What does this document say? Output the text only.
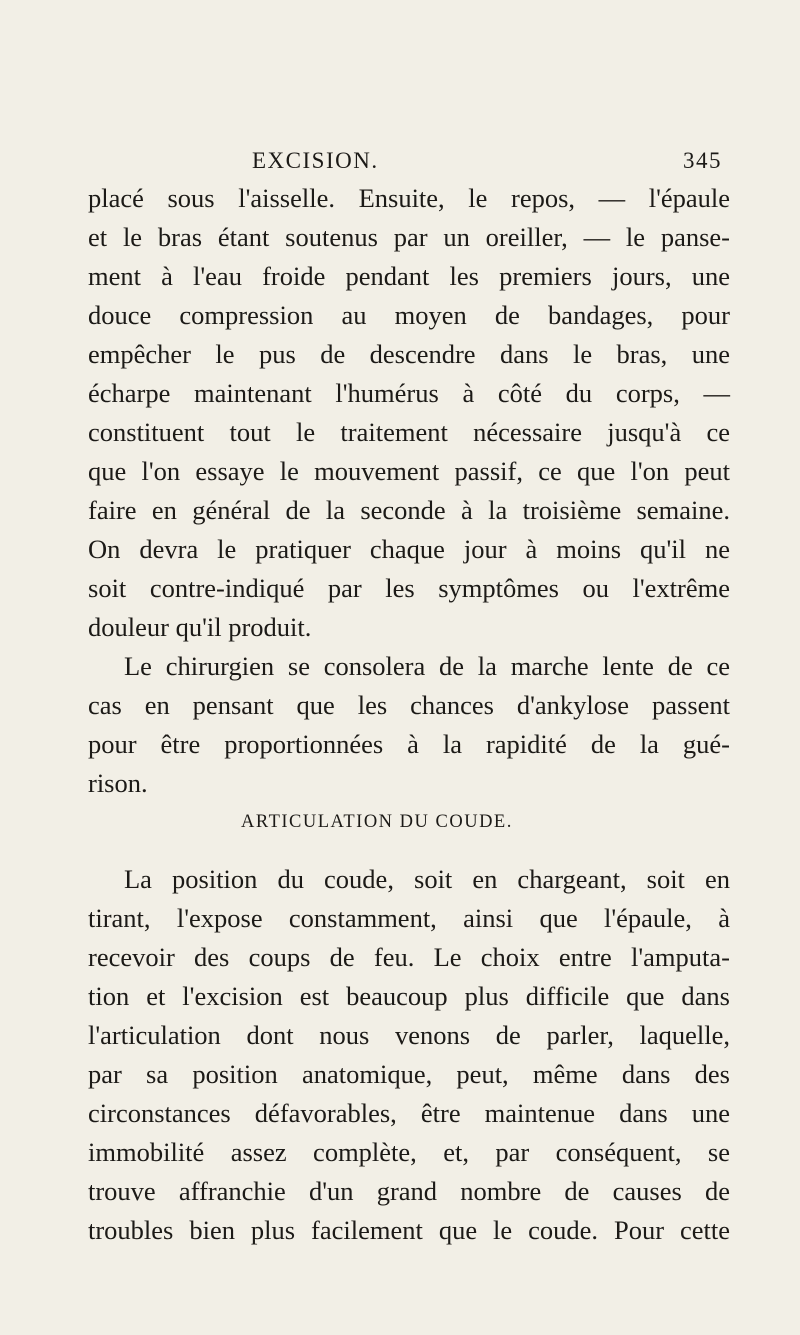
EXCISION.	345
placé sous l'aisselle. Ensuite, le repos, — l'épaule
et le bras étant soutenus par un oreiller, — le panse-
ment à l'eau froide pendant les premiers jours, une
douce compression au moyen de bandages, pour
empêcher le pus de descendre dans le bras, une
écharpe maintenant l'humérus à côté du corps, —
constituent tout le traitement nécessaire jusqu'à ce
que l'on essaye le mouvement passif, ce que l'on peut
faire en général de la seconde à la troisième semaine.
On devra le pratiquer chaque jour à moins qu'il ne
soit contre-indiqué par les symptômes ou l'extrême
douleur qu'il produit.
Le chirurgien se consolera de la marche lente de ce
cas en pensant que les chances d'ankylose passent
pour être proportionnées à la rapidité de la gué-
rison.
ARTICULATION DU COUDE.
La position du coude, soit en chargeant, soit en
tirant, l'expose constamment, ainsi que l'épaule, à
recevoir des coups de feu. Le choix entre l'amputa-
tion et l'excision est beaucoup plus difficile que dans
l'articulation dont nous venons de parler, laquelle,
par sa position anatomique, peut, même dans des
circonstances défavorables, être maintenue dans une
immobilité assez complète, et, par conséquent, se
trouve affranchie d'un grand nombre de causes de
troubles bien plus facilement que le coude. Pour cette
